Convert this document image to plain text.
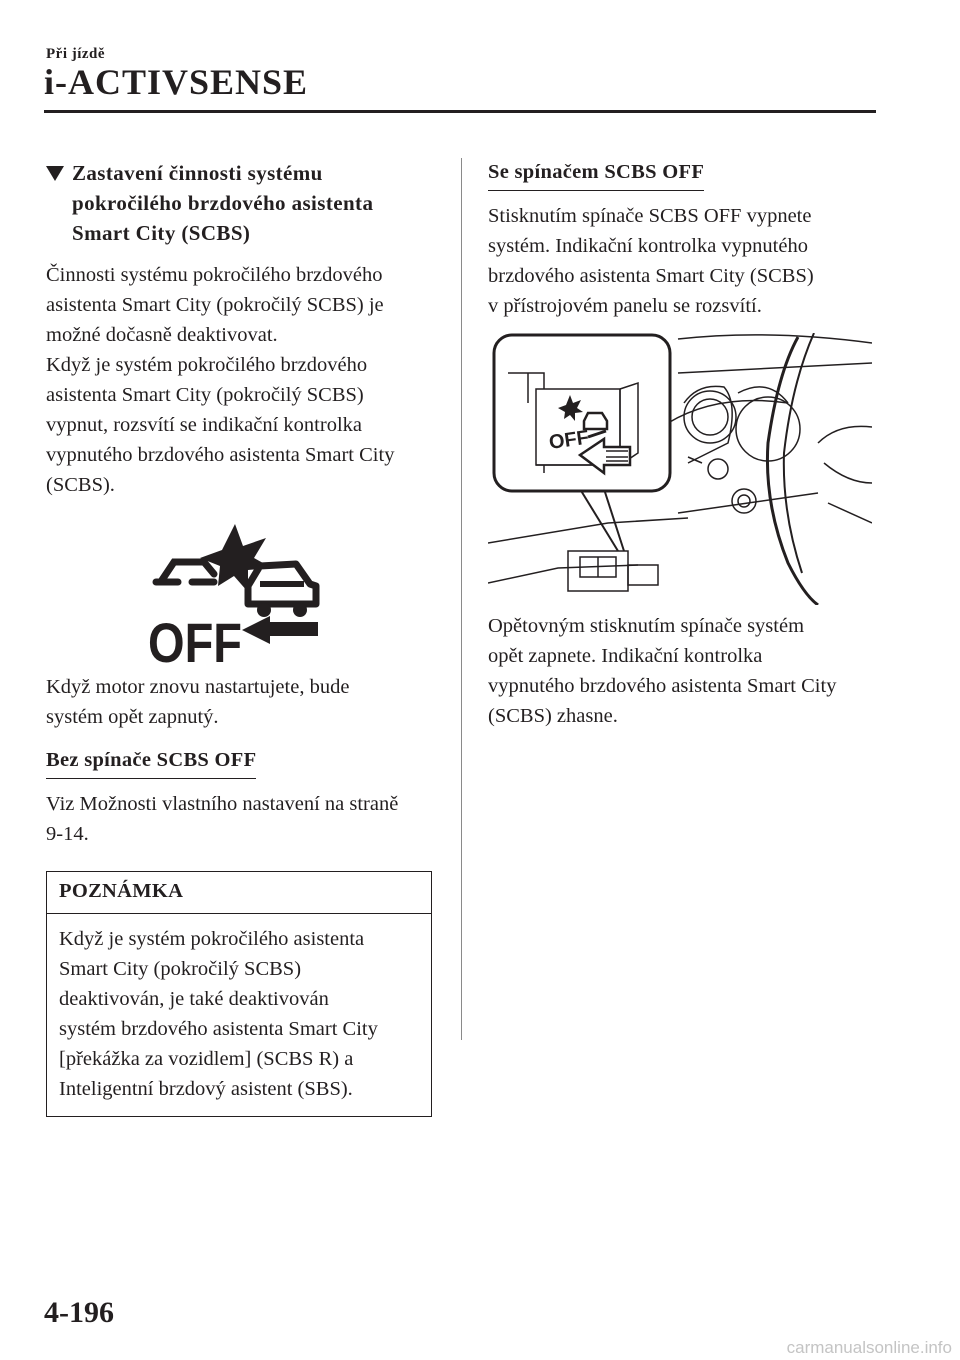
Při jízdě
i-ACTIVSENSE
Zastavení činnosti systému
pokročilého brzdového asistenta
Smart City (SCBS)

Činnosti systému pokročilého brzdového

asistenta Smart City (pokročilý SCBS) je

možné dočasně deaktivovat.

Když je systém pokročilého brzdového

asistenta Smart City (pokročilý SCBS)

vypnut, rozsvítí se indikační kontrolka

vypnutého brzdového asistenta Smart City

(SCBS).

OFF

Když motor znovu nastartujete, bude

systém opět zapnutý.

Bez spínače SCBS OFF

Viz Možnosti vlastního nastavení na straně

9-14.

POZNÁMKA

Když je systém pokročilého asistenta

Smart City (pokročilý SCBS)

deaktivován, je také deaktivován

systém brzdového asistenta Smart City

[překážka za vozidlem] (SCBS R) a

Inteligentní brzdový asistent (SBS).

Se spínačem SCBS OFF

Stisknutím spínače SCBS OFF vypnete

systém. Indikační kontrolka vypnutého

brzdového asistenta Smart City (SCBS)

v přístrojovém panelu se rozsvítí.

OFF

Opětovným stisknutím spínače systém

opět zapnete. Indikační kontrolka

vypnutého brzdového asistenta Smart City

(SCBS) zhasne.

4-196
carmanualsonline.info
